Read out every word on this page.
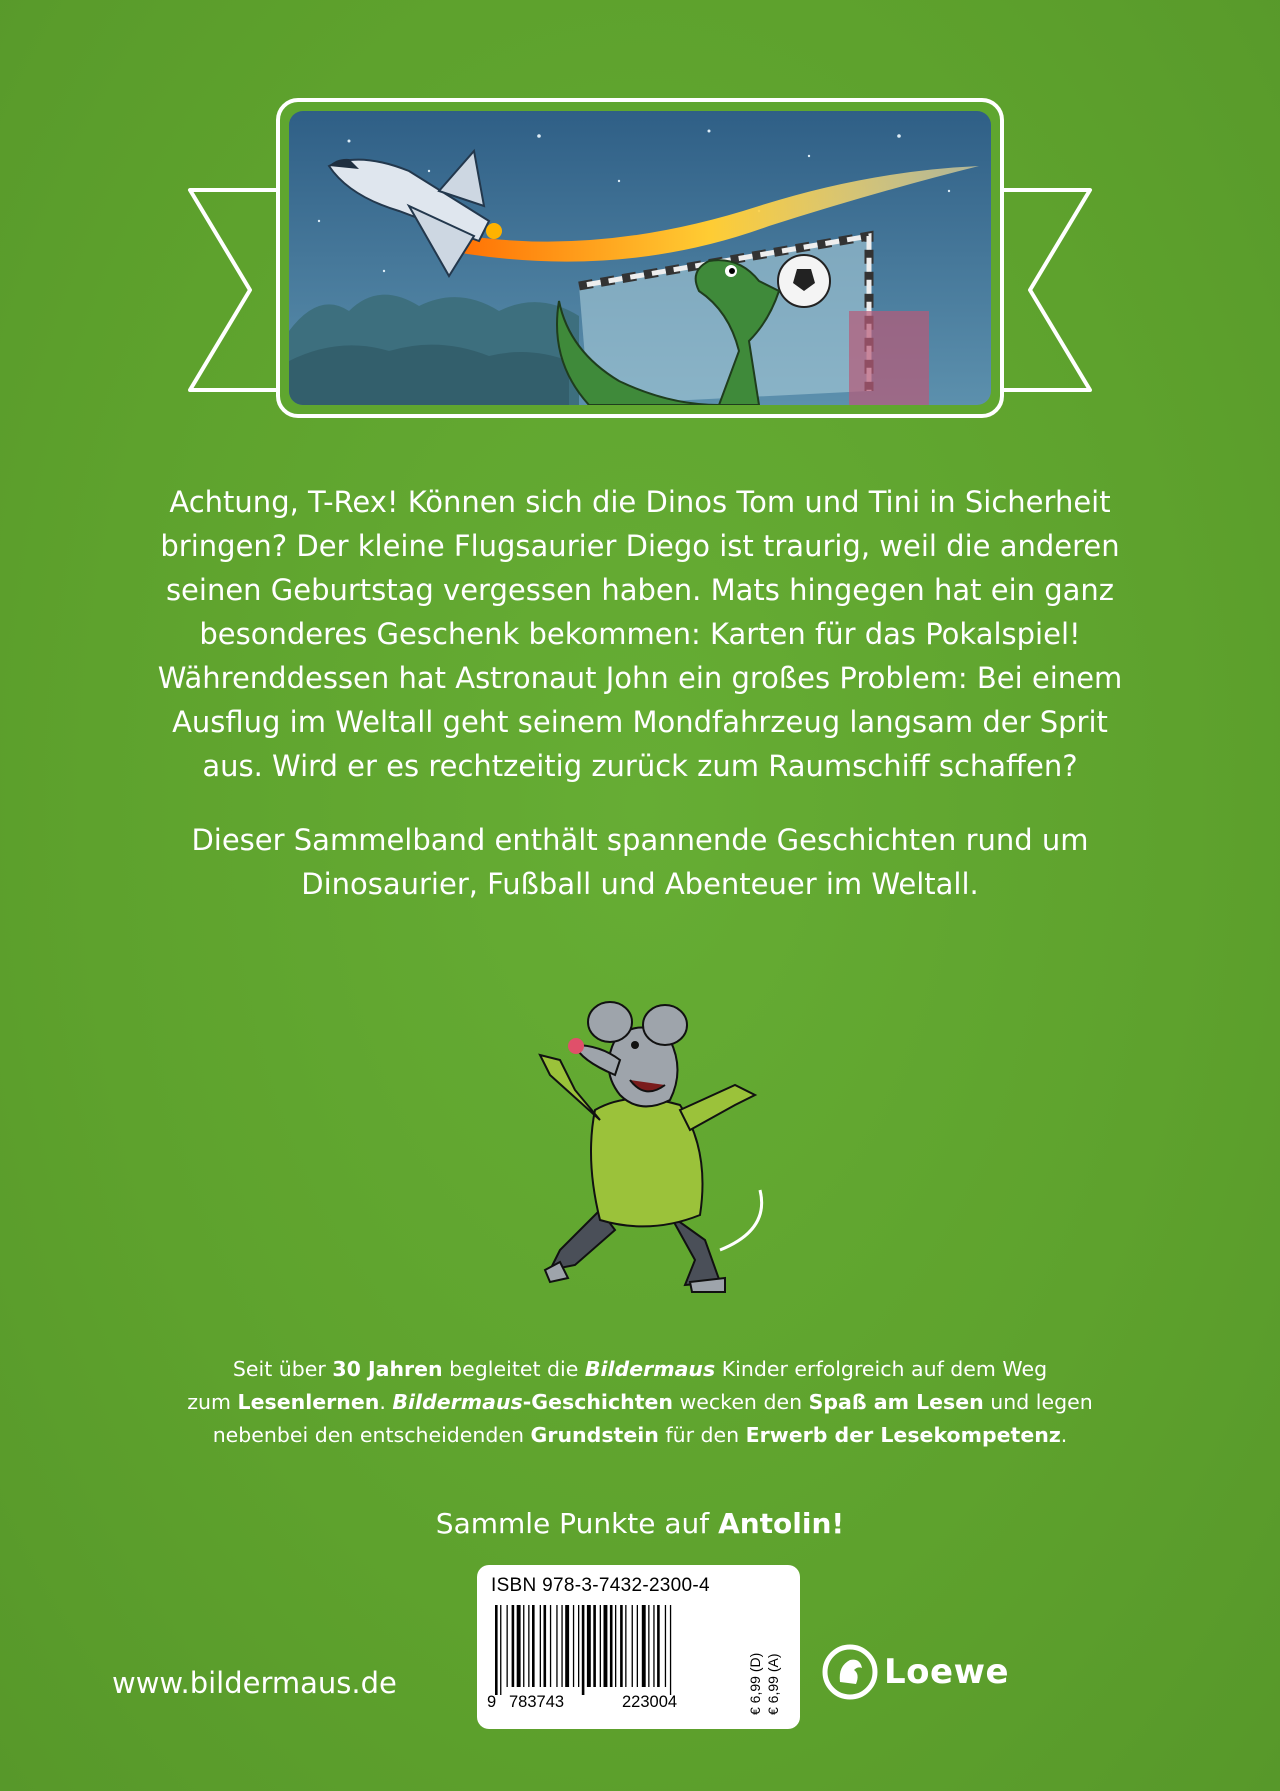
Achtung, T-Rex! Können sich die Dinos Tom und Tini in Sicherheit
bringen? Der kleine Flugsaurier Diego ist traurig, weil die anderen
seinen Geburtstag vergessen haben. Mats hingegen hat ein ganz
besonderes Geschenk bekommen: Karten für das Pokalspiel!
Währenddessen hat Astronaut John ein großes Problem: Bei einem
Ausflug im Weltall geht seinem Mondfahrzeug langsam der Sprit
aus. Wird er es rechtzeitig zurück zum Raumschiff schaffen?

Dieser Sammelband enthält spannende Geschichten rund um
Dinosaurier, Fußball und Abenteuer im Weltall.

Seit über 30 Jahren begleitet die Bildermaus Kinder erfolgreich auf dem Weg
zum Lesenlernen. Bildermaus-Geschichten wecken den Spaß am Lesen und legen
nebenbei den entscheidenden Grundstein für den Erwerb der Lesekompetenz.
Sammle Punkte auf Antolin!
www.bildermaus.de
ISBN 978-3-7432-2300-4
9 783743	223004	€ 6,99 (D) € 6,99 (A)	Loewe
